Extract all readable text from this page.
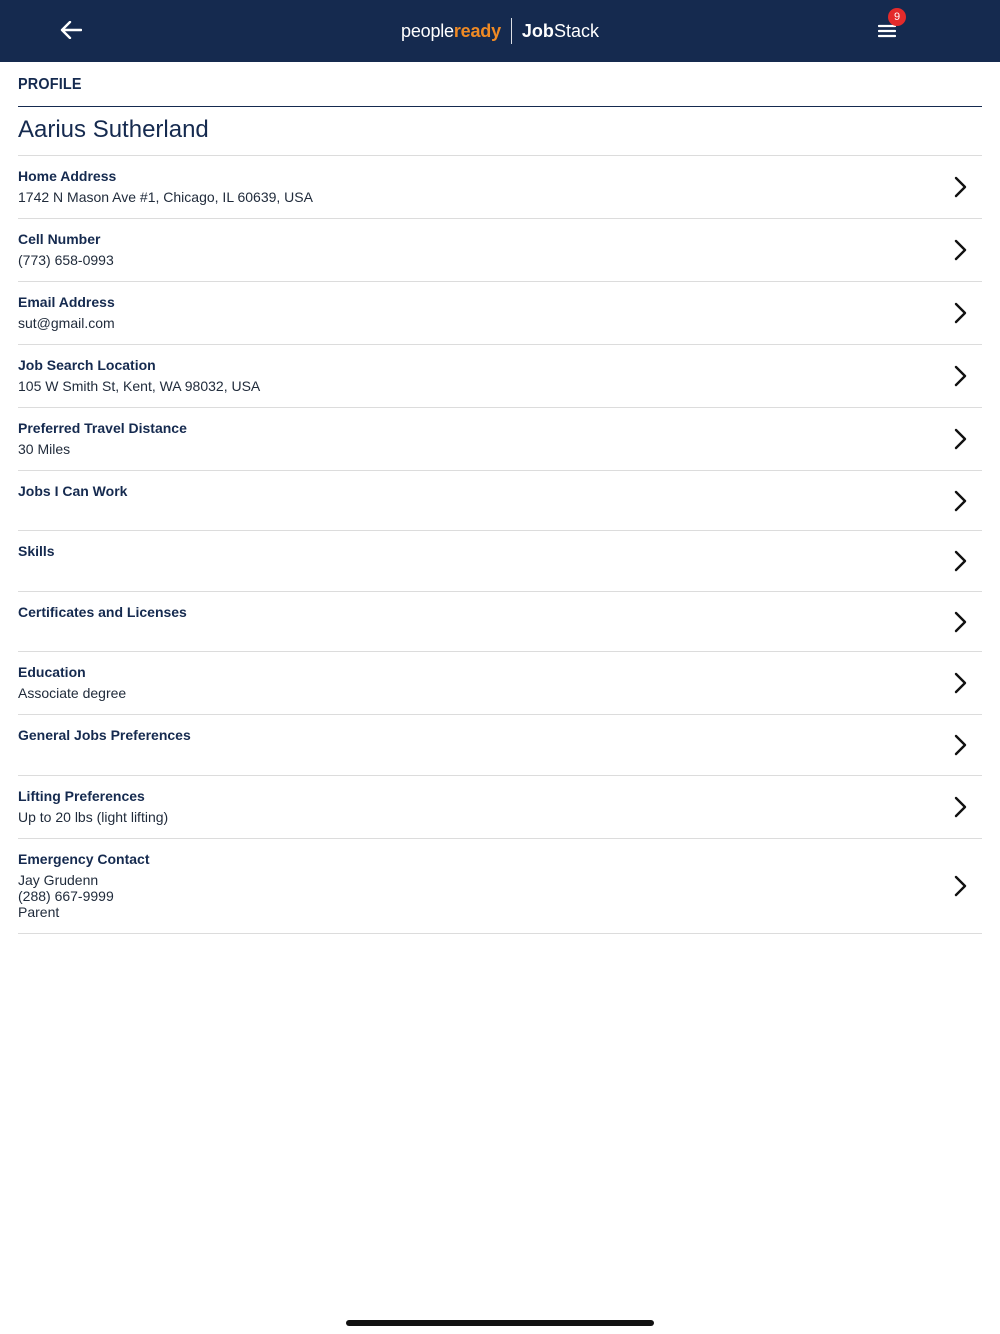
people ready Job Stack
9
PROFILE
Aarius Sutherland
Home Address
1742 N Mason Ave #1, Chicago, IL 60639, USA
Cell Number
(773) 658-0993
Email Address
sut@gmail.com
Job Search Location
105 W Smith St, Kent, WA 98032, USA
Preferred Travel Distance
30 Miles
Jobs I Can Work
Skills
Certificates and Licenses
Education
Associate degree
General Jobs Preferences
Lifting Preferences
Up to 20 lbs (light lifting)
Emergency Contact
Jay Grudenn
(288) 667-9999
Parent
